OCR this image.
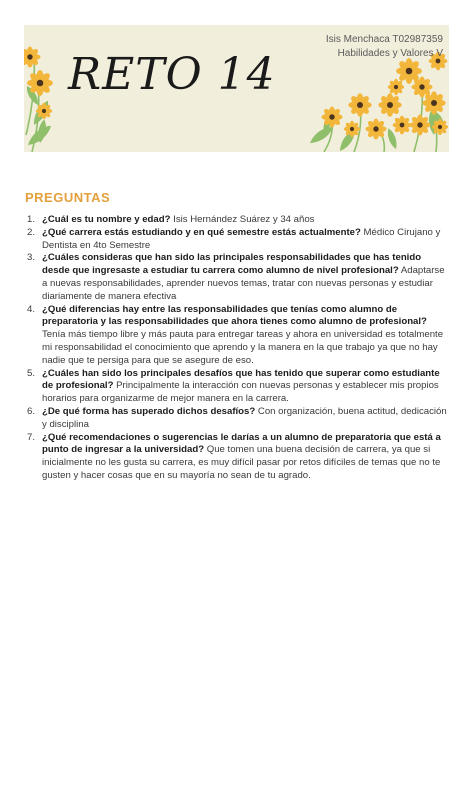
RETO 14
Isis Menchaca T02987359
Habilidades y Valores V
PREGUNTAS
1. ¿Cuál es tu nombre y edad? Isis Hernández Suárez y 34 años
2. ¿Qué carrera estás estudiando y en qué semestre estás actualmente? Médico Cirujano y Dentista en 4to Semestre
3. ¿Cuáles consideras que han sido las principales responsabilidades que has tenido desde que ingresaste a estudiar tu carrera como alumno de nivel profesional? Adaptarse a nuevas responsabilidades, aprender nuevos temas, tratar con nuevas personas y estudiar diariamente de manera efectiva
4. ¿Qué diferencias hay entre las responsabilidades que tenías como alumno de preparatoria y las responsabilidades que ahora tienes como alumno de profesional? Tenía más tiempo libre y más pauta para entregar tareas y ahora en universidad es totalmente mi responsabilidad el conocimiento que aprendo y la manera en la que trabajo ya que no hay nadie que te persiga para que se asegure de eso.
5. ¿Cuáles han sido los principales desafíos que has tenido que superar como estudiante de profesional? Principalmente la interacción con nuevas personas y establecer mis propios horarios para organizarme de mejor manera en la carrera.
6. ¿De qué forma has superado dichos desafíos? Con organización, buena actitud, dedicación y disciplina
7. ¿Qué recomendaciones o sugerencias le darías a un alumno de preparatoria que está a punto de ingresar a la universidad? Que tomen una buena decisión de carrera, ya que si inicialmente no les gusta su carrera, es muy difícil pasar por retos difíciles de temas que no te gusten y hacer cosas que en su mayoría no sean de tu agrado.
